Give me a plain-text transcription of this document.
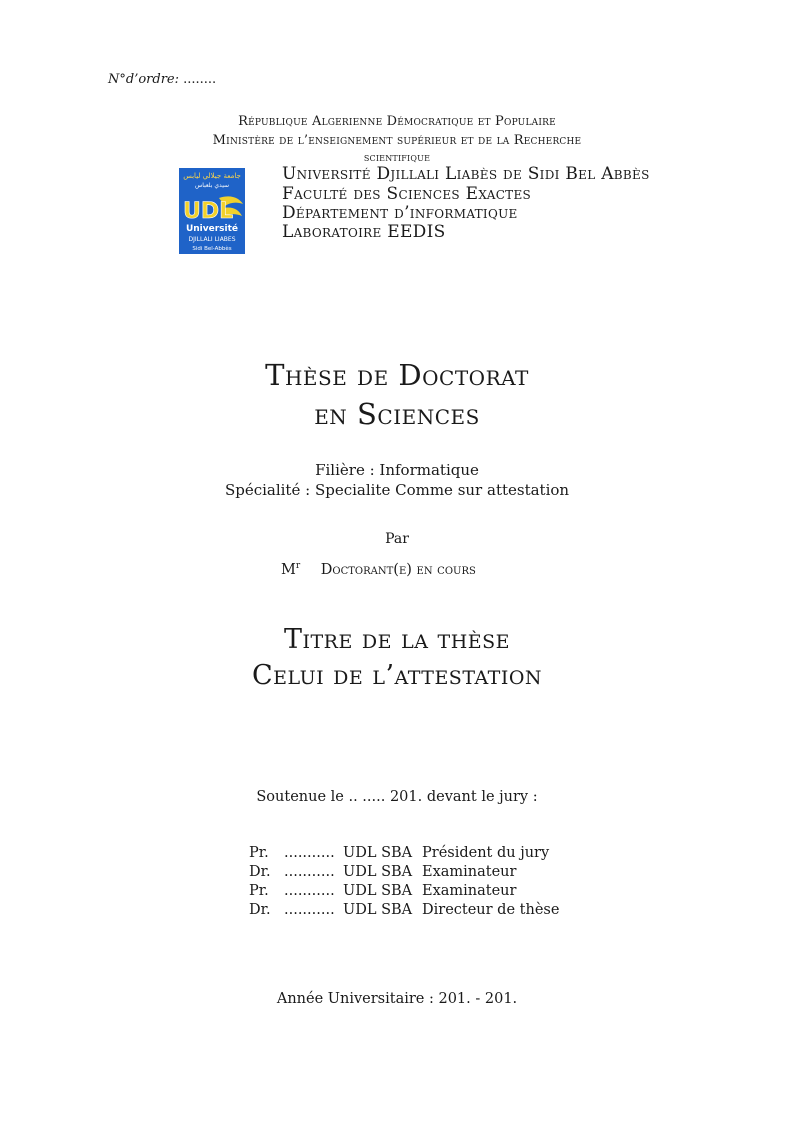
N°d’ordre: ........
République Algerienne Démocratique et Populaire
Ministère de l’enseignement supérieur et de la Recherche
scientifique
جامعة جيلالي ليابس
سيدي بلعباس
UDL
Université
DJILLALI LIABES
Sidi Bel-Abbès
Université Djillali Liabès de Sidi Bel Abbès
Faculté des Sciences Exactes
Département d’informatique
Laboratoire EEDIS
Thèse de Doctorat
en Sciences
Filière : Informatique
Spécialité : Specialite Comme sur attestation
Par
$M^r$ Doctorant(e) en cours
Titre de la thèse
Celui de l’attestation
Soutenue le .. ..... 201. devant le jury :
Pr.	...........	UDL SBA	Président du jury
Dr.	...........	UDL SBA	Examinateur
Pr.	...........	UDL SBA	Examinateur
Dr.	...........	UDL SBA	Directeur de thèse
Année Universitaire : 201. - 201.
